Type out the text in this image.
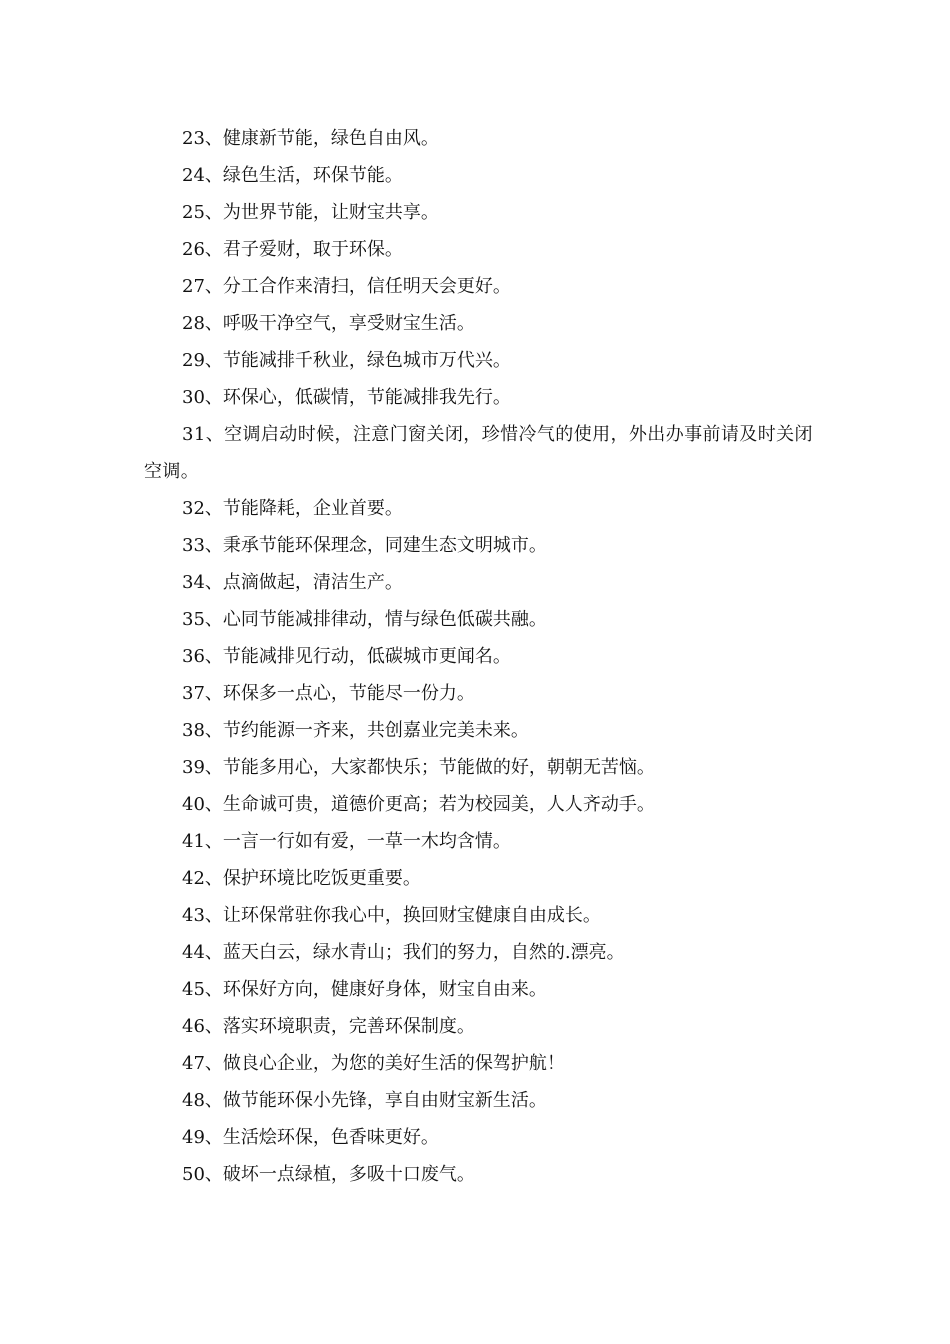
23、健康新节能，绿色自由风。
24、绿色生活，环保节能。
25、为世界节能，让财宝共享。
26、君子爱财，取于环保。
27、分工合作来清扫，信任明天会更好。
28、呼吸干净空气，享受财宝生活。
29、节能减排千秋业，绿色城市万代兴。
30、环保心，低碳情，节能减排我先行。
31、空调启动时候，注意门窗关闭，珍惜冷气的使用，外出办事前请及时关闭空调。
32、节能降耗，企业首要。
33、秉承节能环保理念，同建生态文明城市。
34、点滴做起，清洁生产。
35、心同节能减排律动，情与绿色低碳共融。
36、节能减排见行动，低碳城市更闻名。
37、环保多一点心，节能尽一份力。
38、节约能源一齐来，共创嘉业完美未来。
39、节能多用心，大家都快乐；节能做的好，朝朝无苦恼。
40、生命诚可贵，道德价更高；若为校园美，人人齐动手。
41、一言一行如有爱，一草一木均含情。
42、保护环境比吃饭更重要。
43、让环保常驻你我心中，换回财宝健康自由成长。
44、蓝天白云，绿水青山；我们的努力，自然的.漂亮。
45、环保好方向，健康好身体，财宝自由来。
46、落实环境职责，完善环保制度。
47、做良心企业，为您的美好生活的保驾护航！
48、做节能环保小先锋，享自由财宝新生活。
49、生活烩环保，色香味更好。
50、破坏一点绿植，多吸十口废气。
